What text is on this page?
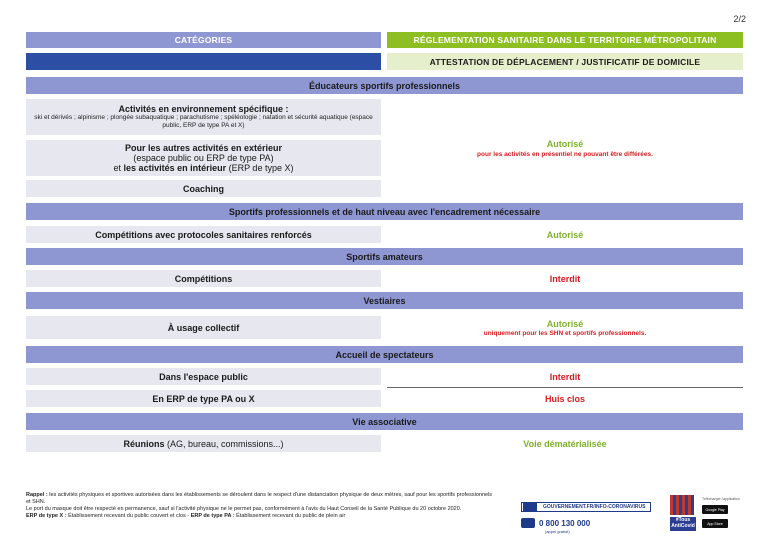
2/2
CATÉGORIES	RÉGLEMENTATION SANITAIRE DANS LE TERRITOIRE MÉTROPOLITAIN
ATTESTATION DE DÉPLACEMENT / JUSTIFICATIF DE DOMICILE
Éducateurs sportifs professionnels
Activités en environnement spécifique :
ski et dérivés ; alpinisme ; plongée subaquatique ; parachutisme ; spéléologie ; natation et sécurité aquatique (espace public, ERP de type PA et X)
Pour les autres activités en extérieur
(espace public ou ERP de type PA)
et les activités en intérieur (ERP de type X)
Coaching
Autorisé
pour les activités en présentiel ne pouvant être différées.
Sportifs professionnels et de haut niveau avec l'encadrement nécessaire
Compétitions avec protocoles sanitaires renforcés	Autorisé
Sportifs amateurs
Compétitions	Interdit
Vestiaires
À usage collectif	Autorisé
uniquement pour les SHN et sportifs professionnels.
Accueil de spectateurs
Dans l'espace public	Interdit
En ERP de type PA ou X	Huis clos
Vie associative
Réunions (AG, bureau, commissions...)	Voie dématérialisée
Rappel : les activités physiques et sportives autorisées dans les établissements se déroulent dans le respect d'une distanciation physique de deux mètres, sauf pour les sportifs professionnels et SHN.
Le port du masque doit être respecté en permanence, sauf si l'activité physique ne le permet pas, conformément à l'avis du Haut Conseil de la Santé Publique du 20 octobre 2020.
ERP de type X : Établissement recevant du public couvert et clos - ERP de type PA : Établissement recevant du public de plein air
GOUVERNEMENT.FR/INFO-CORONAVIRUS
0 800 130 000
(appel gratuit)
#Tous AntiCovid
Télécharger l'application
Google Play
App Store
